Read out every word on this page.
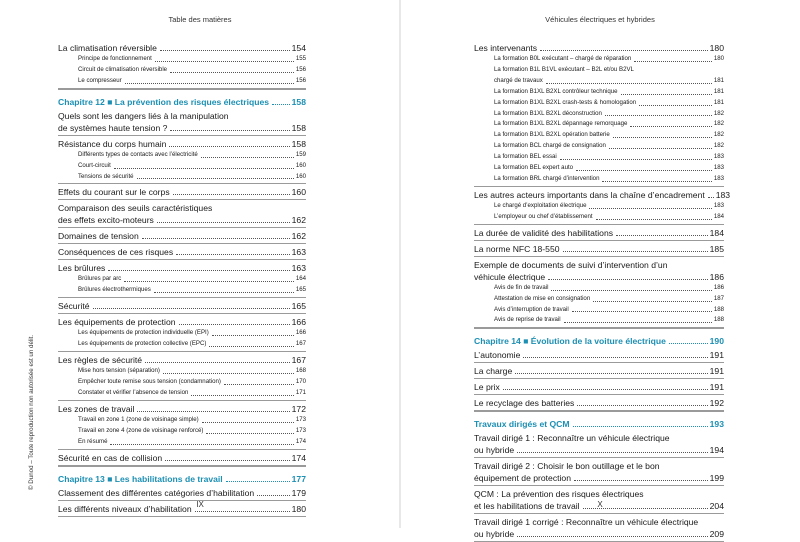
Table des matières
La climatisation réversible	154
Principe de fonctionnement	155
Circuit de climatisation réversible	156
Le compresseur	156
Chapitre 12 ■ La prévention des risques électriques	158
Quels sont les dangers liés à la manipulation
de systèmes haute tension ?	158
Résistance du corps humain	158
Différents types de contacts avec l’électricité	159
Court-circuit	160
Tensions de sécurité	160
Effets du courant sur le corps	160
Comparaison des seuils caractéristiques
des effets excito-moteurs	162
Domaines de tension	162
Conséquences de ces risques	163
Les brûlures	163
Brûlures par arc	164
Brûlures électrothermiques	165
Sécurité	165
Les équipements de protection	166
Les équipements de protection individuelle (EPI)	166
Les équipements de protection collective (EPC)	167
Les règles de sécurité	167
Mise hors tension (séparation)	168
Empêcher toute remise sous tension (condamnation)	170
Constater et vérifier l’absence de tension	171
Les zones de travail	172
Travail en zone 1 (zone de voisinage simple)	173
Travail en zone 4 (zone de voisinage renforcé)	173
En résumé	174
Sécurité en cas de collision	174
Chapitre 13 ■ Les habilitations de travail	177
Classement des différentes catégories d’habilitation	179
Les différents niveaux d’habilitation	180
IX
© Dunod – Toute reproduction non autorisée est un délit.
Véhicules électriques et hybrides
Les intervenants	180
La formation B0L exécutant – chargé de réparation	180
La formation B1L B1VL exécutant – B2L et/ou B2VL
chargé de travaux	181
La formation B1XL B2XL contrôleur technique	181
La formation B1XL B2XL crash-tests & homologation	181
La formation B1XL B2XL déconstruction	182
La formation B1XL B2XL dépannage remorquage	182
La formation B1XL B2XL opération batterie	182
La formation BCL chargé de consignation	182
La formation BEL essai	183
La formation BEL expert auto	183
La formation BRL chargé d’intervention	183
Les autres acteurs importants dans la chaîne d’encadrement 183
Le chargé d’exploitation électrique	183
L’employeur ou chef d’établissement	184
La durée de validité des habilitations	184
La norme NFC 18-550	185
Exemple de documents de suivi d’intervention d’un
véhicule électrique	186
Avis de fin de travail	186
Attestation de mise en consignation	187
Avis d’interruption de travail	188
Avis de reprise de travail	188
Chapitre 14 ■ Évolution de la voiture électrique	190
L’autonomie	191
La charge	191
Le prix	191
Le recyclage des batteries	192
Travaux dirigés et QCM	193
Travail dirigé 1 : Reconnaître un véhicule électrique
ou hybride	194
Travail dirigé 2 : Choisir le bon outillage et le bon
équipement de protection	199
QCM : La prévention des risques électriques
et les habilitations de travail	204
Travail dirigé 1 corrigé : Reconnaître un véhicule électrique
ou hybride	209
X
